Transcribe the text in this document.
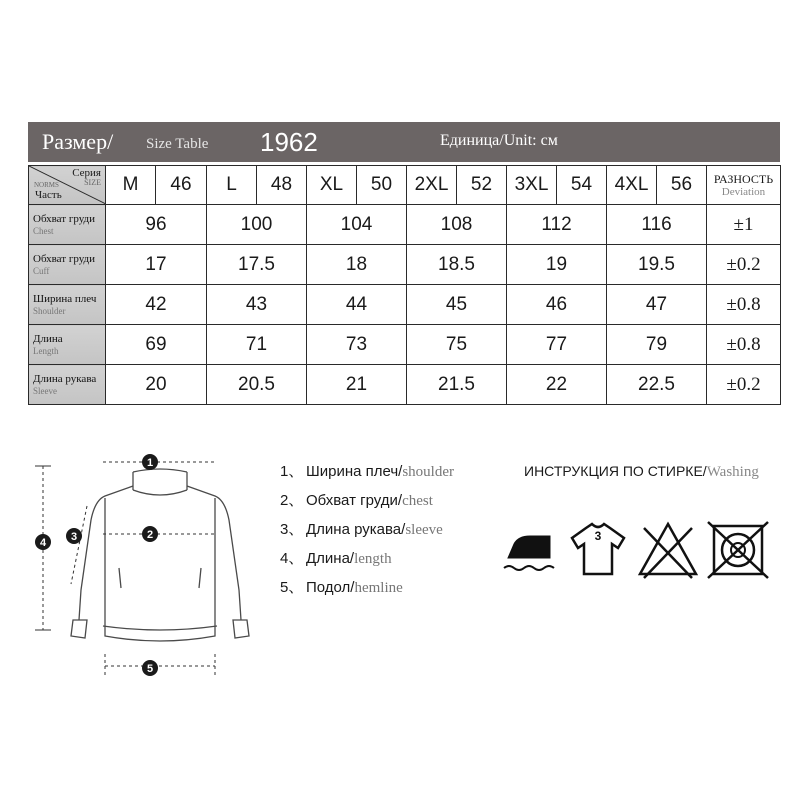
Размер/ Size Table 1962	Единица/Unit: см
Серия
SIZE
NORMS
Часть	M	46	L	48	XL	50	2XL	52	3XL	54	4XL	56	РАЗНОСТЬ
Deviation

Обхват груди
Chest	96		100		104		108		112		116		±1

Обхват груди
Cuff	17		17.5		18		18.5		19		19.5		±0.2

Ширина плеч
Shoulder	42		43		44		45		46		47		±0.8

Длина
Length	69		71		73		75		77		79		±0.8

Длина рукава
Sleeve	20		20.5		21		21.5		22		22.5		±0.2
1
2
3
4
5
1、 Ширина плеч/shoulder
2、 Обхват груди/chest
3、 Длина рукава/sleeve
4、 Длина/length
5、 Подол/hemline
ИНСТРУКЦИЯ ПО СТИРКЕ/Washing
3
